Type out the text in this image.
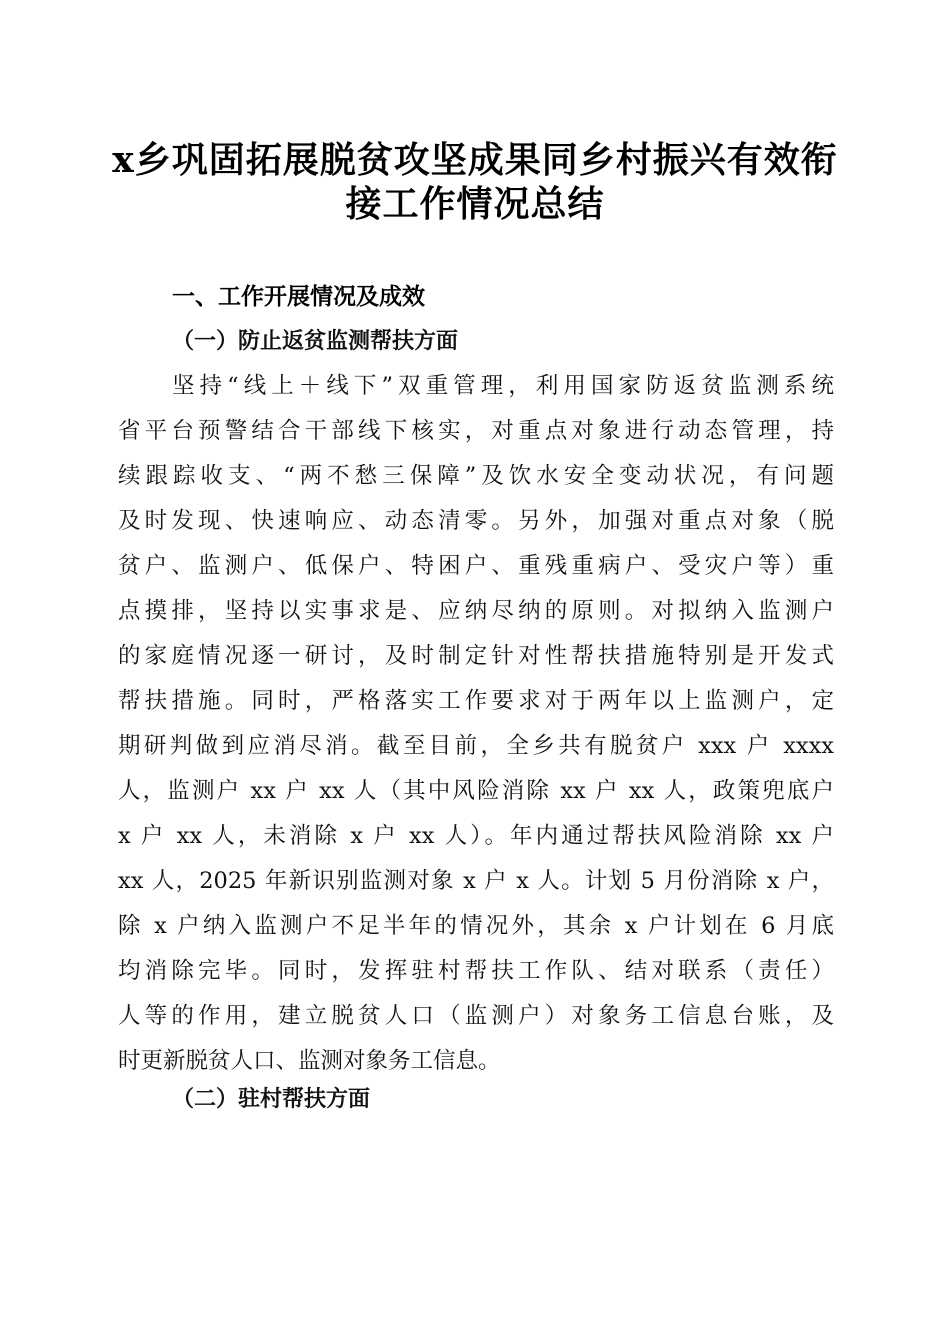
x乡巩固拓展脱贫攻坚成果同乡村振兴有效衔
接工作情况总结
一、工作开展情况及成效
（一）防止返贫监测帮扶方面
坚持“线上＋线下”双重管理，利用国家防返贫监测系统
省平台预警结合干部线下核实，对重点对象进行动态管理，持
续跟踪收支、“两不愁三保障”及饮水安全变动状况，有问题
及时发现、快速响应、动态清零。另外，加强对重点对象（脱
贫户、监测户、低保户、特困户、重残重病户、受灾户等）重
点摸排，坚持以实事求是、应纳尽纳的原则。对拟纳入监测户
的家庭情况逐一研讨，及时制定针对性帮扶措施特别是开发式
帮扶措施。同时，严格落实工作要求对于两年以上监测户，定
期研判做到应消尽消。截至目前，全乡共有脱贫户 xxx 户 xxxx
人，监测户 xx 户 xx 人（其中风险消除 xx 户 xx 人，政策兜底户
x 户 xx 人，未消除 x 户 xx 人）。年内通过帮扶风险消除 xx 户
xx 人，2025 年新识别监测对象 x 户 x 人。计划 5 月份消除 x 户，
除 x 户纳入监测户不足半年的情况外，其余 x 户计划在 6 月底
均消除完毕。同时，发挥驻村帮扶工作队、结对联系（责任）
人等的作用，建立脱贫人口（监测户）对象务工信息台账，及
时更新脱贫人口、监测对象务工信息。
（二）驻村帮扶方面
